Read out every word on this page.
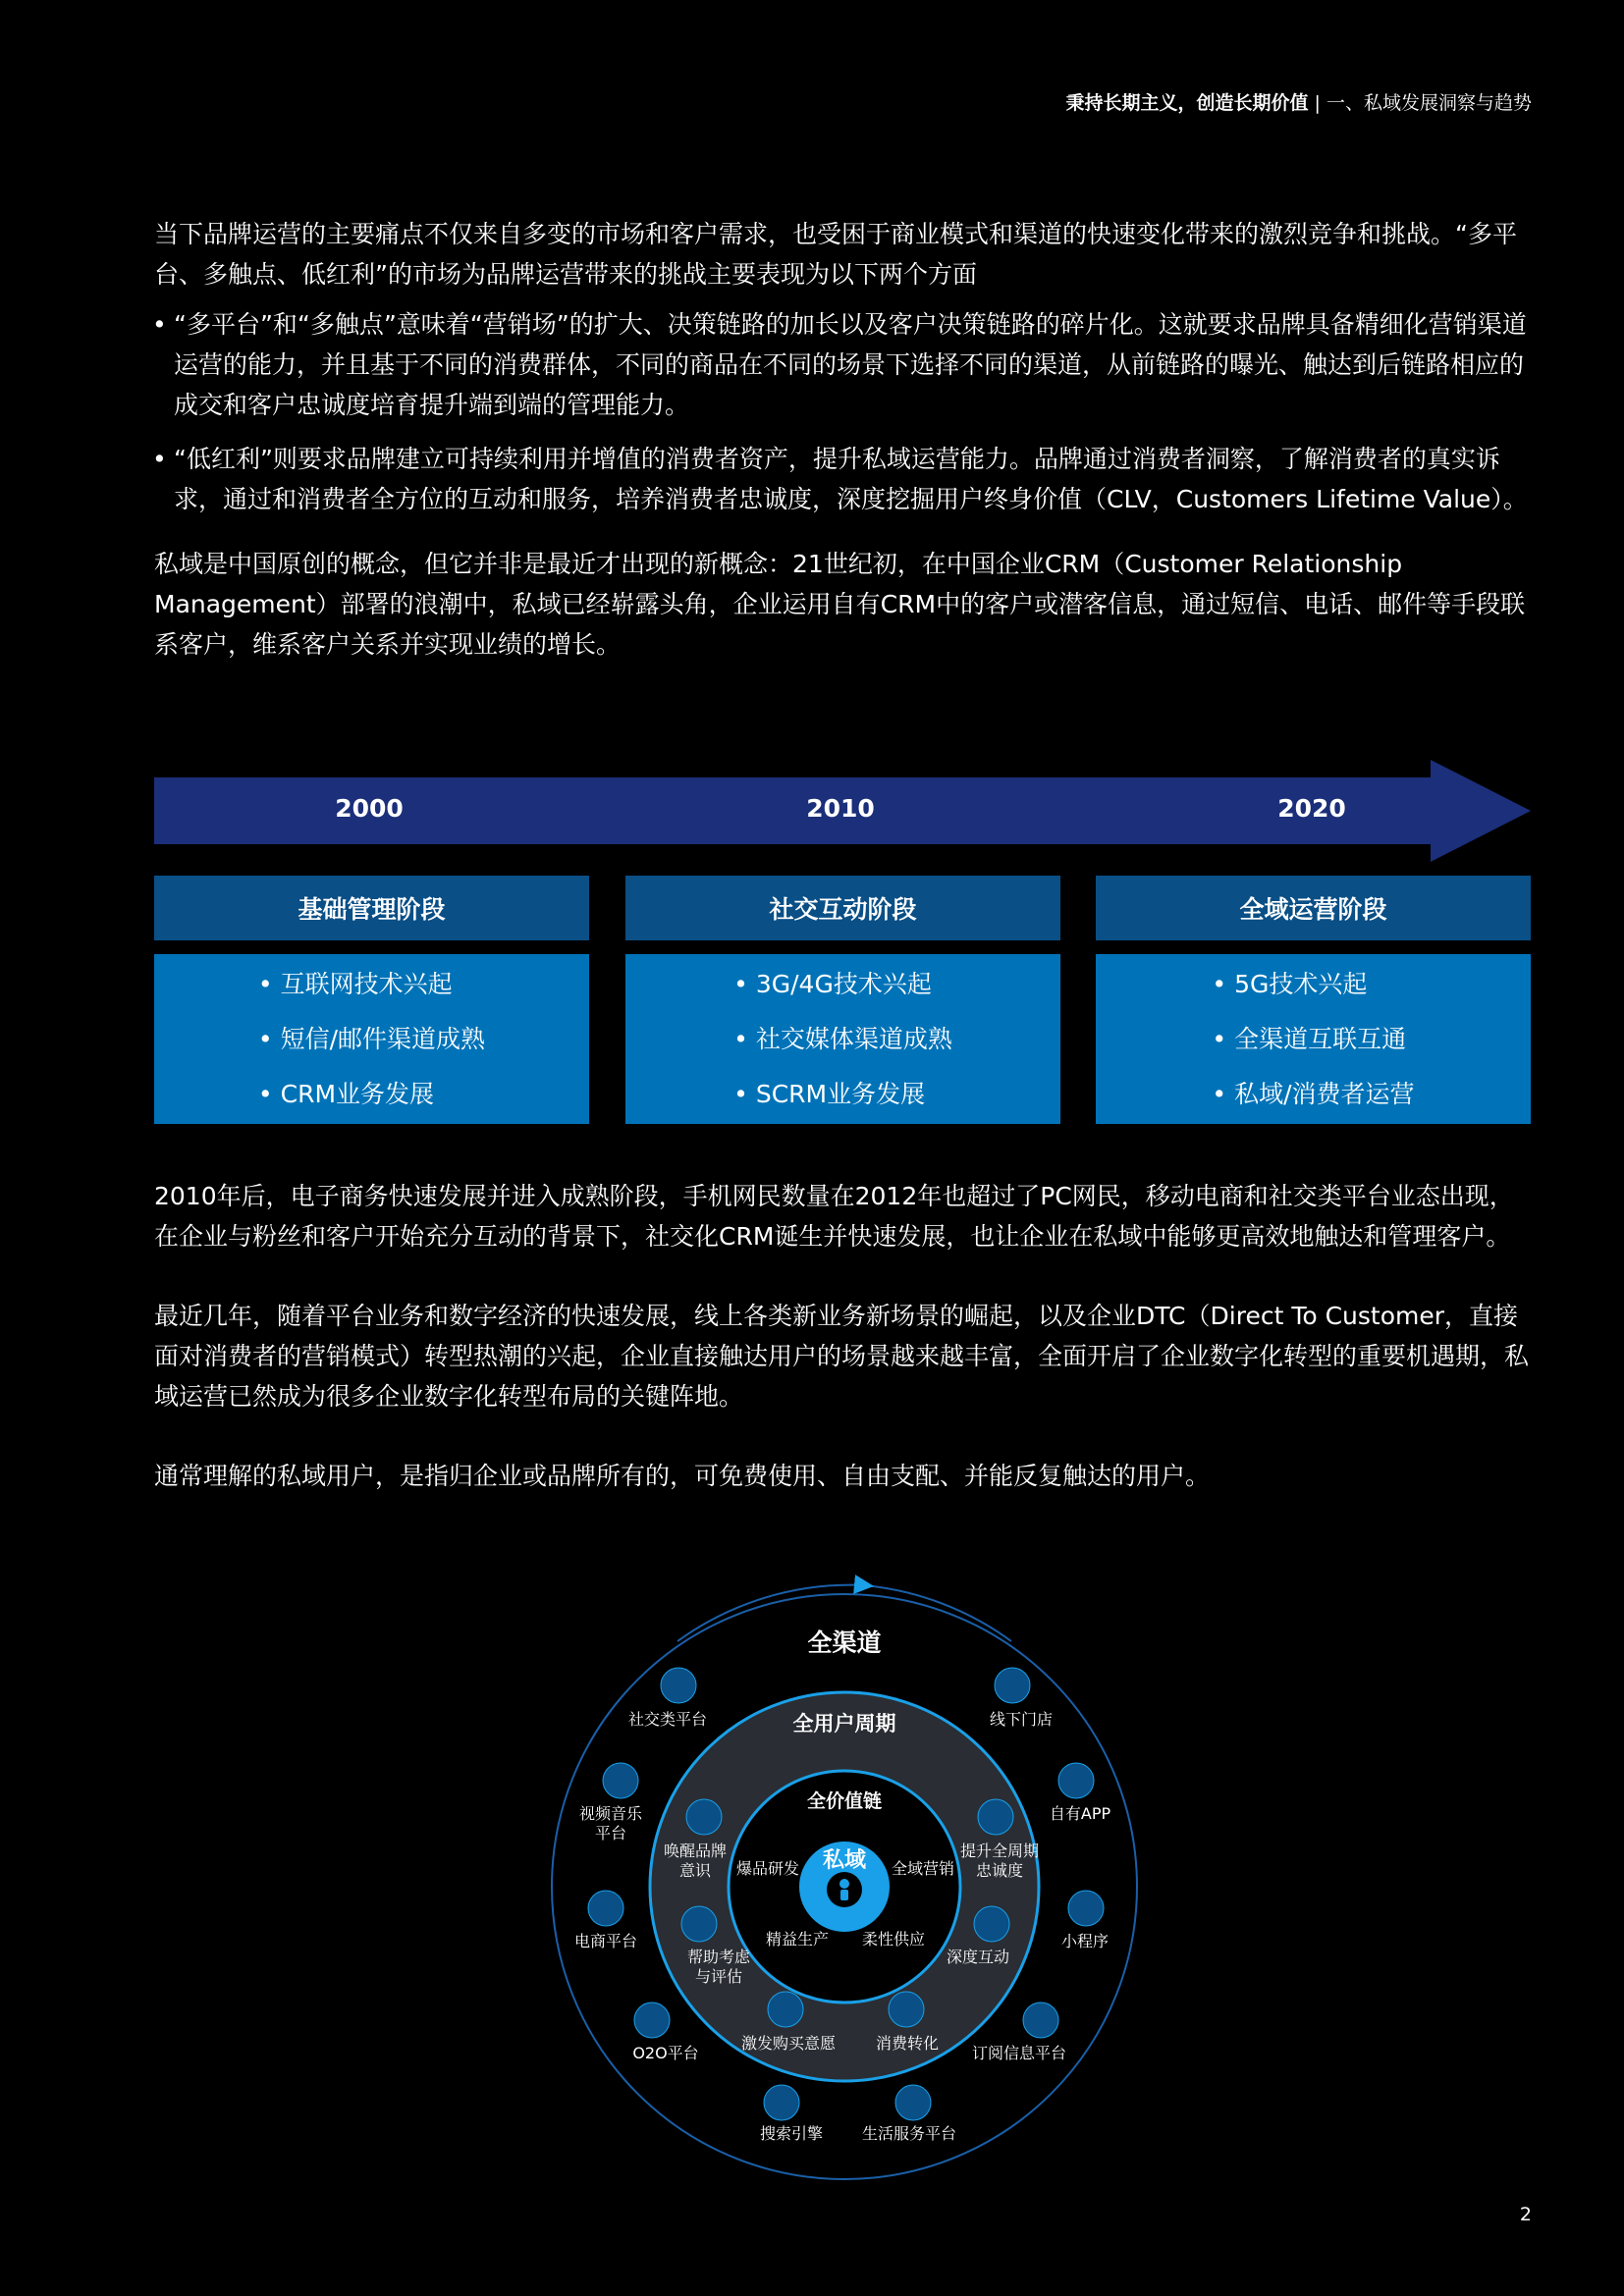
秉持长期主义，创造长期价值 | 一、私域发展洞察与趋势

当下品牌运营的主要痛点不仅来自多变的市场和客户需求，也受困于商业模式和渠道的快速变化带来的激烈竞争和挑战。“多平台、多触点、低红利”的市场为品牌运营带来的挑战主要表现为以下两个方面

• “多平台”和“多触点”意味着“营销场”的扩大、决策链路的加长以及客户决策链路的碎片化。这就要求品牌具备精细化营销渠道运营的能力，并且基于不同的消费群体，不同的商品在不同的场景下选择不同的渠道，从前链路的曝光、触达到后链路相应的成交和客户忠诚度培育提升端到端的管理能力。
• “低红利”则要求品牌建立可持续利用并增值的消费者资产，提升私域运营能力。品牌通过消费者洞察，了解消费者的真实诉求，通过和消费者全方位的互动和服务，培养消费者忠诚度，深度挖掘用户终身价值（CLV，Customers Lifetime Value）。

私域是中国原创的概念，但它并非是最近才出现的新概念：21世纪初，在中国企业CRM（Customer Relationship Management）部署的浪潮中，私域已经崭露头角，企业运用自有CRM中的客户或潜客信息，通过短信、电话、邮件等手段联系客户，维系客户关系并实现业绩的增长。

2000	2010	2020
基础管理阶段
• 互联网技术兴起
• 短信/邮件渠道成熟
• CRM业务发展
社交互动阶段
• 3G/4G技术兴起
• 社交媒体渠道成熟
• SCRM业务发展
全域运营阶段
• 5G技术兴起
• 全渠道互联互通
• 私域/消费者运营

2010年后，电子商务快速发展并进入成熟阶段，手机网民数量在2012年也超过了PC网民，移动电商和社交类平台业态出现，在企业与粉丝和客户开始充分互动的背景下，社交化CRM诞生并快速发展，也让企业在私域中能够更高效地触达和管理客户。

最近几年，随着平台业务和数字经济的快速发展，线上各类新业务新场景的崛起，以及企业DTC（Direct To Customer，直接面对消费者的营销模式）转型热潮的兴起，企业直接触达用户的场景越来越丰富，全面开启了企业数字化转型的重要机遇期，私域运营已然成为很多企业数字化转型布局的关键阵地。

通常理解的私域用户，是指归企业或品牌所有的，可免费使用、自由支配、并能反复触达的用户。

全渠道
全用户周期
全价值链
私域
社交类平台	线下门店
视频音乐平台
自有APP
电商平台	小程序
O2O平台	订阅信息平台
搜索引擎 生活服务平台
唤醒品牌意识
提升全周期忠诚度
帮助考虑与评估
深度互动
激发购买意愿	消费转化
爆品研发	全域营销
精益生产 柔性供应
2
